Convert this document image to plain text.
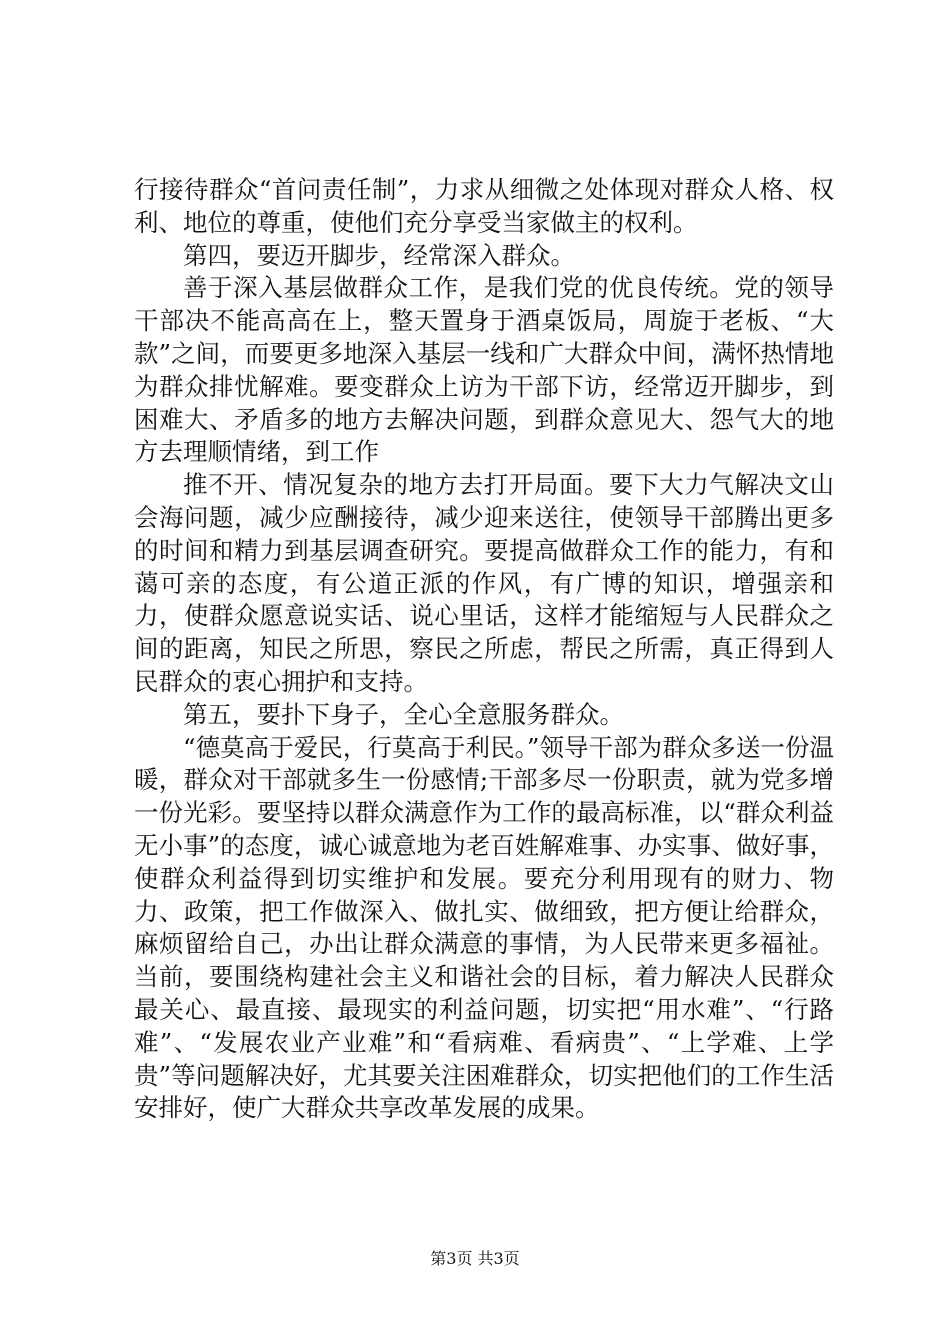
行接待群众“首问责任制”，力求从细微之处体现对群众人格、权利、地位的尊重，使他们充分享受当家做主的权利。

第四，要迈开脚步，经常深入群众。

善于深入基层做群众工作，是我们党的优良传统。党的领导干部决不能高高在上，整天置身于酒桌饭局，周旋于老板、“大款”之间，而要更多地深入基层一线和广大群众中间，满怀热情地为群众排忧解难。要变群众上访为干部下访，经常迈开脚步，到困难大、矛盾多的地方去解决问题，到群众意见大、怨气大的地方去理顺情绪，到工作

推不开、情况复杂的地方去打开局面。要下大力气解决文山会海问题，减少应酬接待，减少迎来送往，使领导干部腾出更多的时间和精力到基层调查研究。要提高做群众工作的能力，有和蔼可亲的态度，有公道正派的作风，有广博的知识，增强亲和力，使群众愿意说实话、说心里话，这样才能缩短与人民群众之间的距离，知民之所思，察民之所虑，帮民之所需，真正得到人民群众的衷心拥护和支持。

第五，要扑下身子，全心全意服务群众。

“德莫高于爱民，行莫高于利民。”领导干部为群众多送一份温暖，群众对干部就多生一份感情;干部多尽一份职责，就为党多增一份光彩。要坚持以群众满意作为工作的最高标准，以“群众利益无小事”的态度，诚心诚意地为老百姓解难事、办实事、做好事，使群众利益得到切实维护和发展。要充分利用现有的财力、物力、政策，把工作做深入、做扎实、做细致，把方便让给群众，麻烦留给自己，办出让群众满意的事情，为人民带来更多福祉。当前，要围绕构建社会主义和谐社会的目标，着力解决人民群众最关心、最直接、最现实的利益问题，切实把“用水难”、“行路难”、“发展农业产业难”和“看病难、看病贵”、“上学难、上学贵”等问题解决好，尤其要关注困难群众，切实把他们的工作生活安排好，使广大群众共享改革发展的成果。

第3页 共3页
